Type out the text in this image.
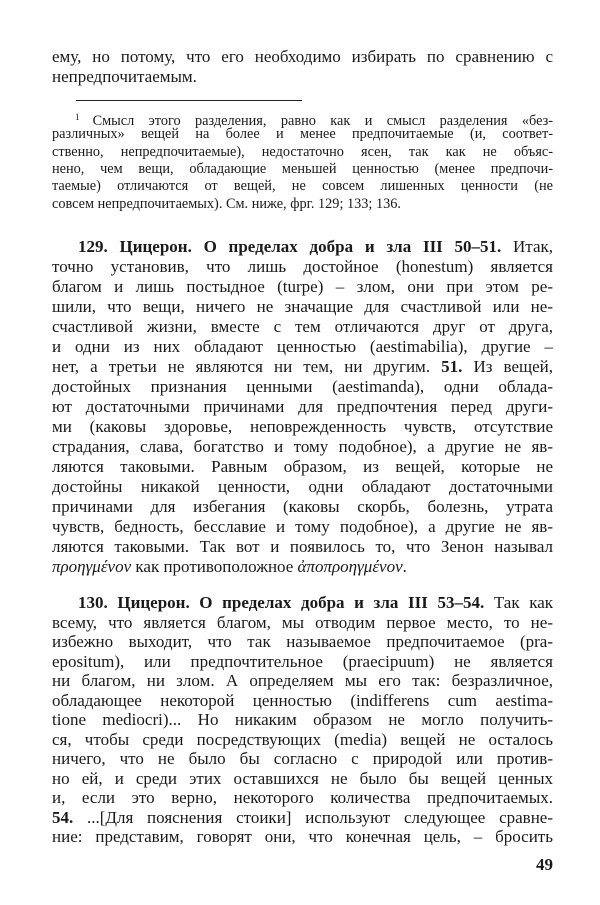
ему, но потому, что его необходимо избирать по сравнению с
непредпочитаемым.
$^1$ Смысл этого разделения, равно как и смысл разделения «без-
различных» вещей на более и менее предпочитаемые (и, соответ-
ственно, непредпочитаемые), недостаточно ясен, так как не объяс-
нено, чем вещи, обладающие меньшей ценностью (менее предпочи-
таемые) отличаются от вещей, не совсем лишенных ценности (не
совсем непредпочитаемых). См. ниже, фрг. 129; 133; 136.
129. Цицерон. О пределах добра и зла III 50–51. Итак,
точно установив, что лишь достойное (honestum) является
благом и лишь постыдное (turpe) – злом, они при этом ре-
шили, что вещи, ничего не значащие для счастливой или не-
счастливой жизни, вместе с тем отличаются друг от друга,
и одни из них обладают ценностью (aestimabilia), другие –
нет, а третьи не являются ни тем, ни другим. 51. Из вещей,
достойных признания ценными (aestimanda), одни облада-
ют достаточными причинами для предпочтения перед други-
ми (каковы здоровье, неповрежденность чувств, отсутствие
страдания, слава, богатство и тому подобное), а другие не яв-
ляются таковыми. Равным образом, из вещей, которые не
достойны никакой ценности, одни обладают достаточными
причинами для избегания (каковы скорбь, болезнь, утрата
чувств, бедность, бесславие и тому подобное), а другие не яв-
ляются таковыми. Так вот и появилось то, что Зенон называл
προηγμένον как противоположное ἀποπροηγμένον.
130. Цицерон. О пределах добра и зла III 53–54. Так как
всему, что является благом, мы отводим первое место, то не-
избежно выходит, что так называемое предпочитаемое (pra-
epositum), или предпочтительное (praecipuum) не является
ни благом, ни злом. А определяем мы его так: безразличное,
обладающее некоторой ценностью (indifferens cum aestima-
tione mediocri)... Но никаким образом не могло получить-
ся, чтобы среди посредствующих (media) вещей не осталось
ничего, что не было бы согласно с природой или против-
но ей, и среди этих оставшихся не было бы вещей ценных
и, если это верно, некоторого количества предпочитаемых.
54. ...[Для пояснения стоики] используют следующее сравне-
ние: представим, говорят они, что конечная цель, – бросить
49
